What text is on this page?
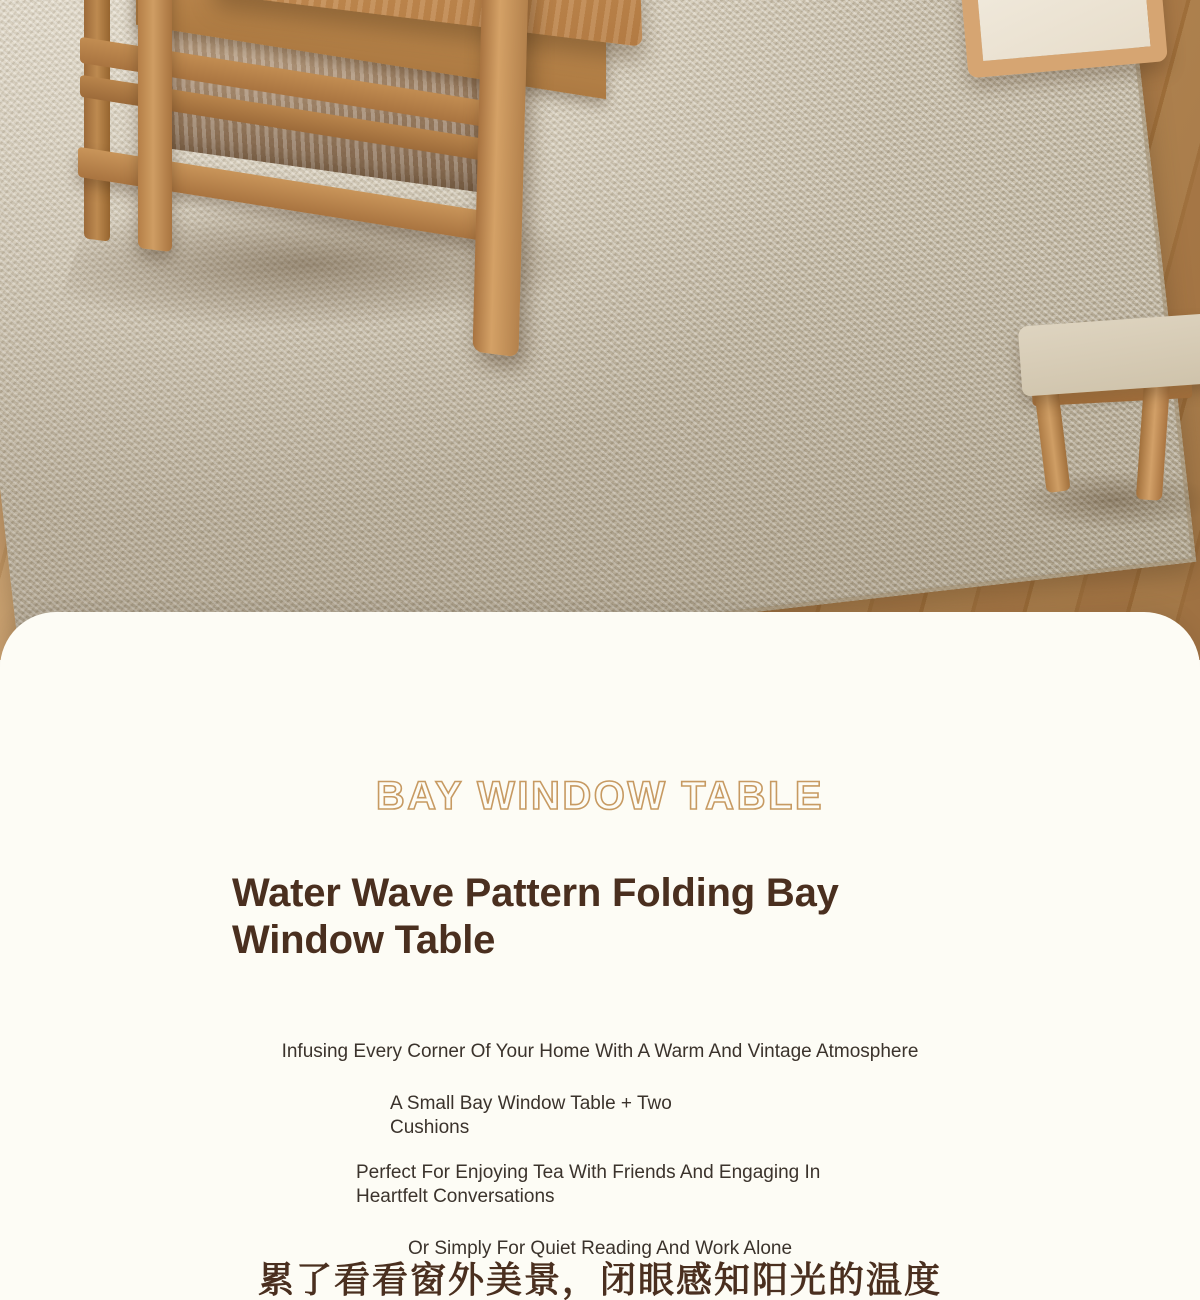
BAY WINDOW TABLE
Water Wave Pattern Folding Bay Window Table

Infusing Every Corner Of Your Home With A Warm And Vintage Atmosphere

A Small Bay Window Table + Two Cushions

Perfect For Enjoying Tea With Friends And Engaging In Heartfelt Conversations

Or Simply For Quiet Reading And Work Alone

累了看看窗外美景，闭眼感知阳光的温度
